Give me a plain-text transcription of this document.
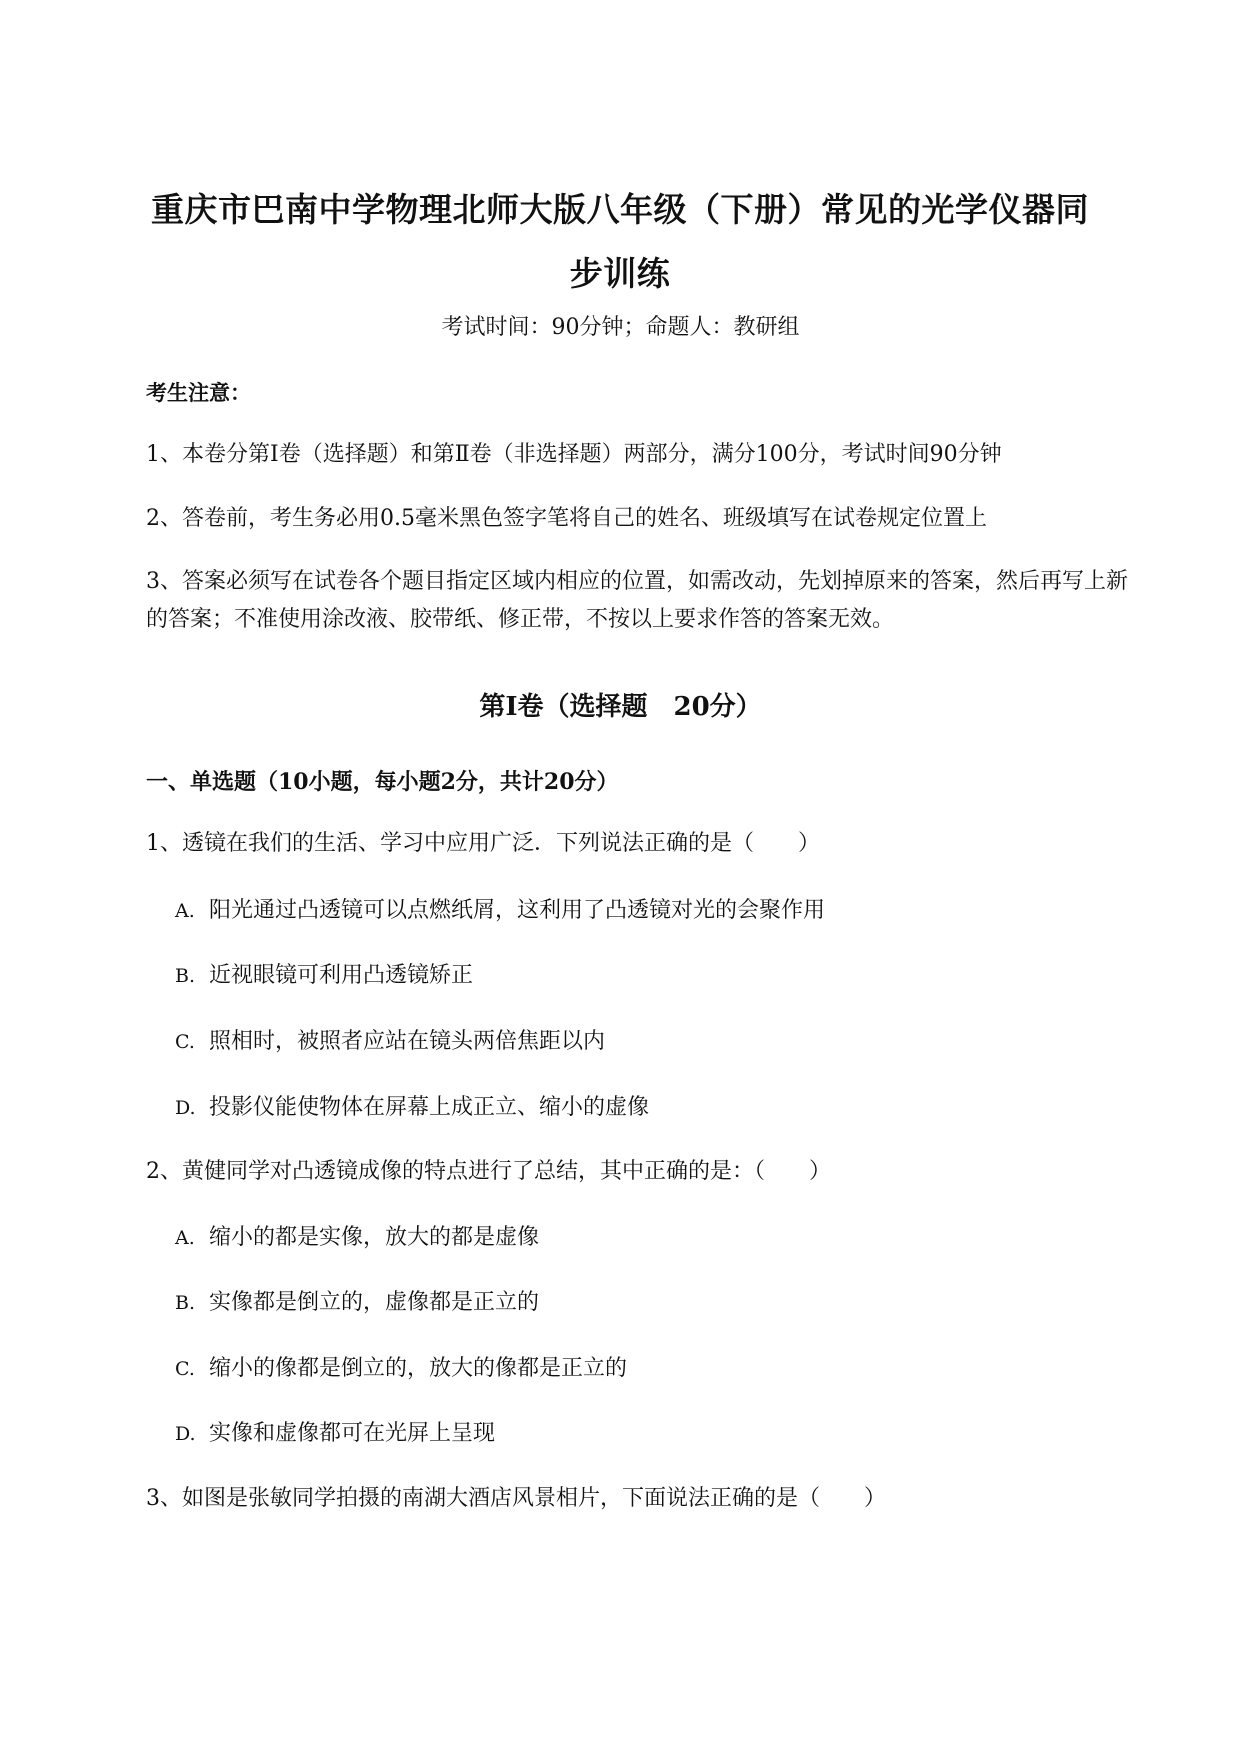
重庆市巴南中学物理北师大版八年级（下册）常见的光学仪器同步训练
考试时间：90分钟；命题人：教研组
考生注意：
1、本卷分第Ⅰ卷（选择题）和第Ⅱ卷（非选择题）两部分，满分100分，考试时间90分钟
2、答卷前，考生务必用0.5毫米黑色签字笔将自己的姓名、班级填写在试卷规定位置上
3、答案必须写在试卷各个题目指定区域内相应的位置，如需改动，先划掉原来的答案，然后再写上新的答案；不准使用涂改液、胶带纸、修正带，不按以上要求作答的答案无效。
第Ⅰ卷（选择题　20分）
一、单选题（10小题，每小题2分，共计20分）
1、透镜在我们的生活、学习中应用广泛．下列说法正确的是（　　）
A. 阳光通过凸透镜可以点燃纸屑，这利用了凸透镜对光的会聚作用
B. 近视眼镜可利用凸透镜矫正
C. 照相时，被照者应站在镜头两倍焦距以内
D. 投影仪能使物体在屏幕上成正立、缩小的虚像
2、黄健同学对凸透镜成像的特点进行了总结，其中正确的是：（　　）
A. 缩小的都是实像，放大的都是虚像
B. 实像都是倒立的，虚像都是正立的
C. 缩小的像都是倒立的，放大的像都是正立的
D. 实像和虚像都可在光屏上呈现
3、如图是张敏同学拍摄的南湖大酒店风景相片，下面说法正确的是（　　）
